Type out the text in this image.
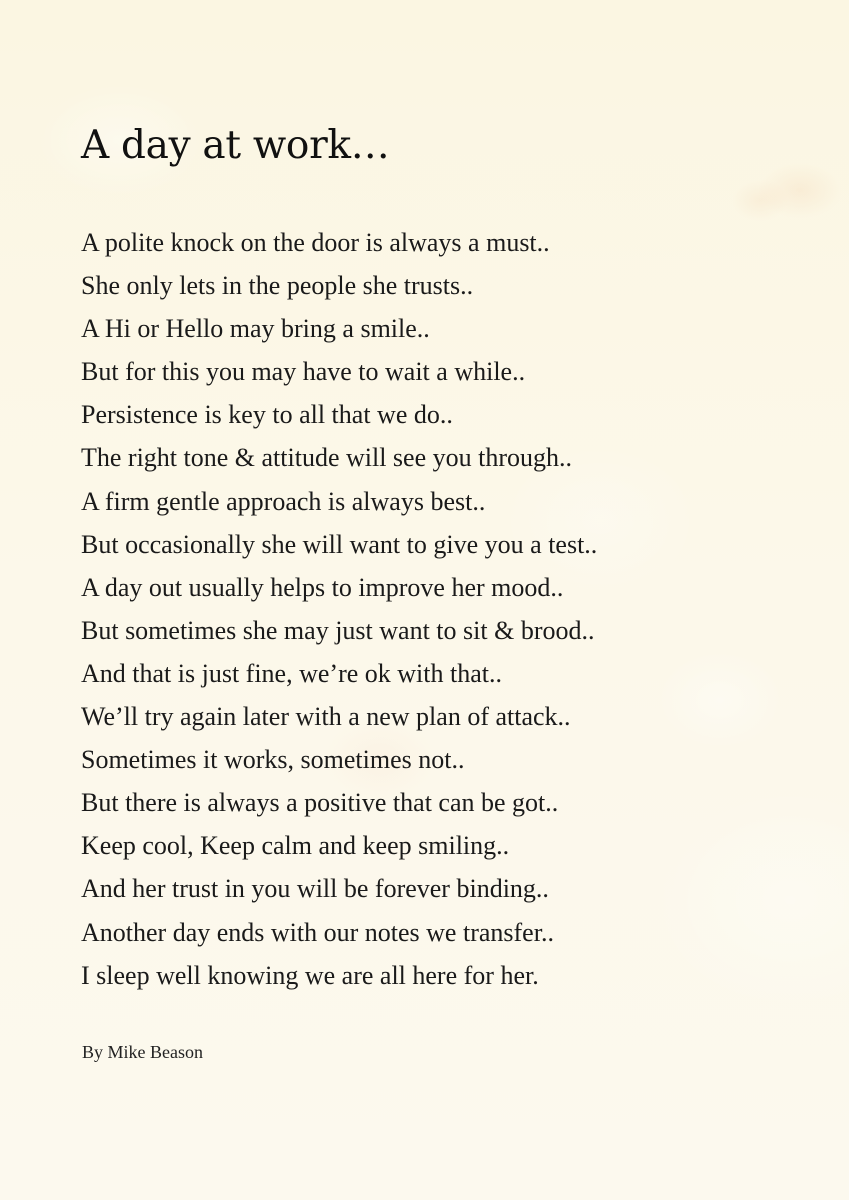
A day at work…
A polite knock on the door is always a must..
She only lets in the people she trusts..
A Hi or Hello may bring a smile..
But for this you may have to wait a while..
Persistence is key to all that we do..
The right tone & attitude will see you through..
A firm gentle approach is always best..
But occasionally she will want to give you a test..
A day out usually helps to improve her mood..
But sometimes she may just want to sit & brood..
And that is just fine, we’re ok with that..
We’ll try again later with a new plan of attack..
Sometimes it works, sometimes not..
But there is always a positive that can be got..
Keep cool, Keep calm and keep smiling..
And her trust in you will be forever binding..
Another day ends with our notes we transfer..
I sleep well knowing we are all here for her.

By Mike Beason
